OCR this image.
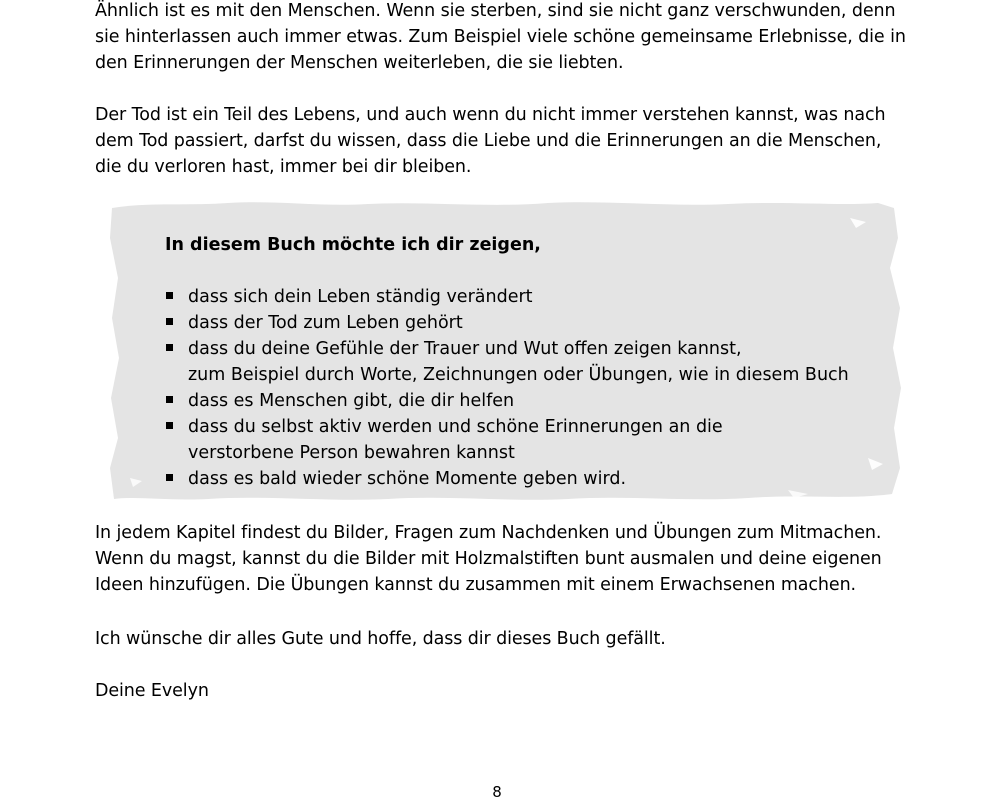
Ähnlich ist es mit den Menschen. Wenn sie sterben, sind sie nicht ganz verschwunden, denn
sie hinterlassen auch immer etwas. Zum Beispiel viele schöne gemeinsame Erlebnisse, die in
den Erinnerungen der Menschen weiterleben, die sie liebten.

Der Tod ist ein Teil des Lebens, und auch wenn du nicht immer verstehen kannst, was nach
dem Tod passiert, darfst du wissen, dass die Liebe und die Erinnerungen an die Menschen,
die du verloren hast, immer bei dir bleiben.

In diesem Buch möchte ich dir zeigen,

dass sich dein Leben ständig verändert
dass der Tod zum Leben gehört
dass du deine Gefühle der Trauer und Wut offen zeigen kannst,
zum Beispiel durch Worte, Zeichnungen oder Übungen, wie in diesem Buch
dass es Menschen gibt, die dir helfen
dass du selbst aktiv werden und schöne Erinnerungen an die
verstorbene Person bewahren kannst
dass es bald wieder schöne Momente geben wird.

In jedem Kapitel findest du Bilder, Fragen zum Nachdenken und Übungen zum Mitmachen.
Wenn du magst, kannst du die Bilder mit Holzmalstiften bunt ausmalen und deine eigenen
Ideen hinzufügen. Die Übungen kannst du zusammen mit einem Erwachsenen machen.

Ich wünsche dir alles Gute und hoffe, dass dir dieses Buch gefällt.

Deine Evelyn

8
